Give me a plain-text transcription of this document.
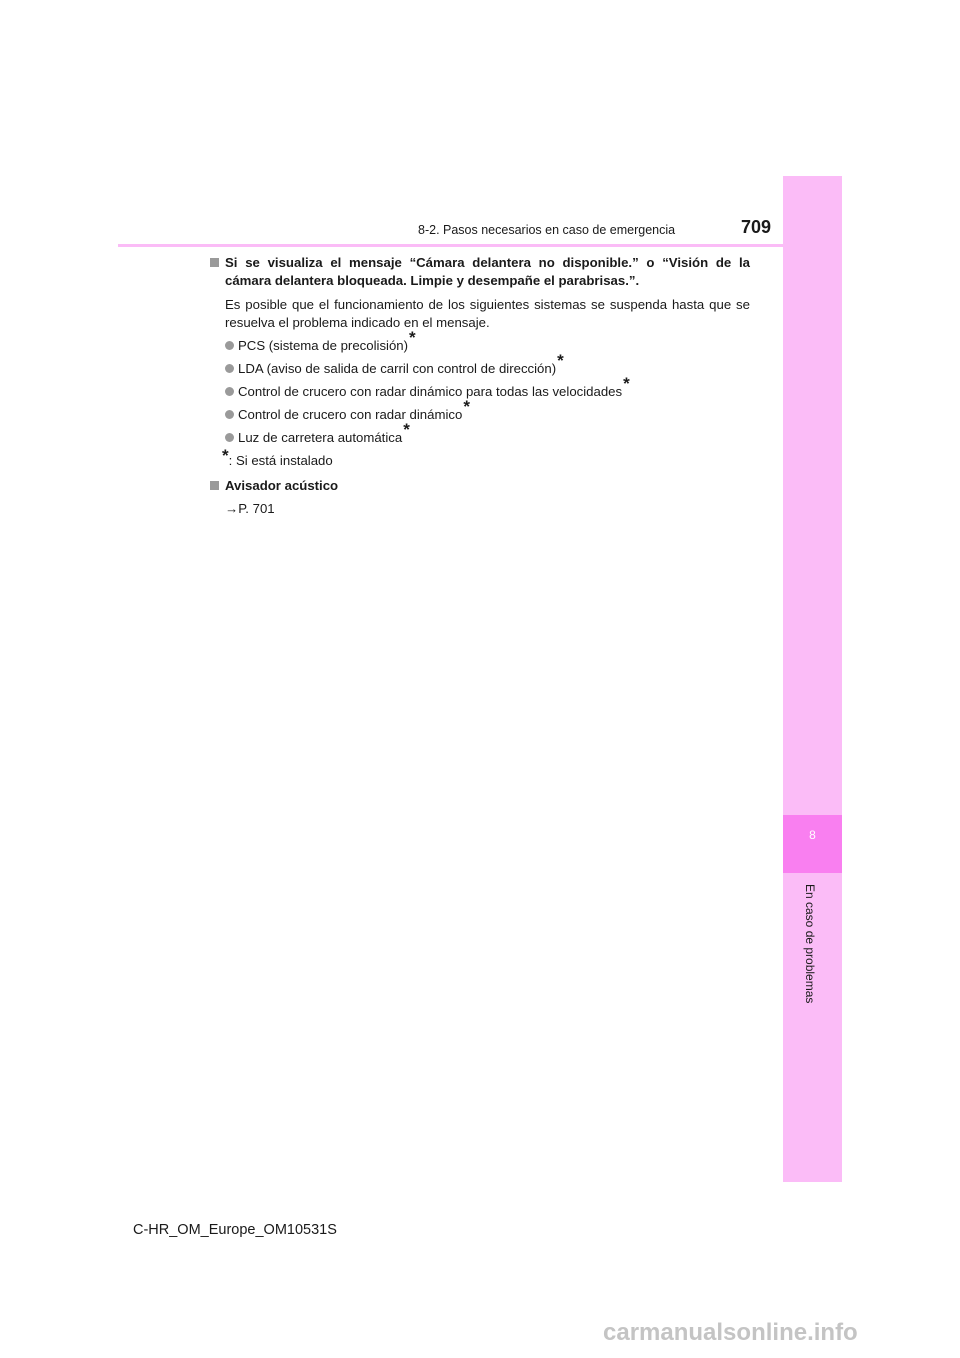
8
En caso de problemas
8-2. Pasos necesarios en caso de emergencia	709
Si se visualiza el mensaje “Cámara delantera no disponible.” o “Visión de la cámara delantera bloqueada. Limpie y desempañe el parabrisas.”.
Es posible que el funcionamiento de los siguientes sistemas se suspenda hasta que se resuelva el problema indicado en el mensaje.
PCS (sistema de precolisión)*
LDA (aviso de salida de carril con control de dirección)*
Control de crucero con radar dinámico para todas las velocidades*
Control de crucero con radar dinámico*
Luz de carretera automática*
*: Si está instalado
Avisador acústico
→P. 701
C-HR_OM_Europe_OM10531S
carmanualsonline.info
